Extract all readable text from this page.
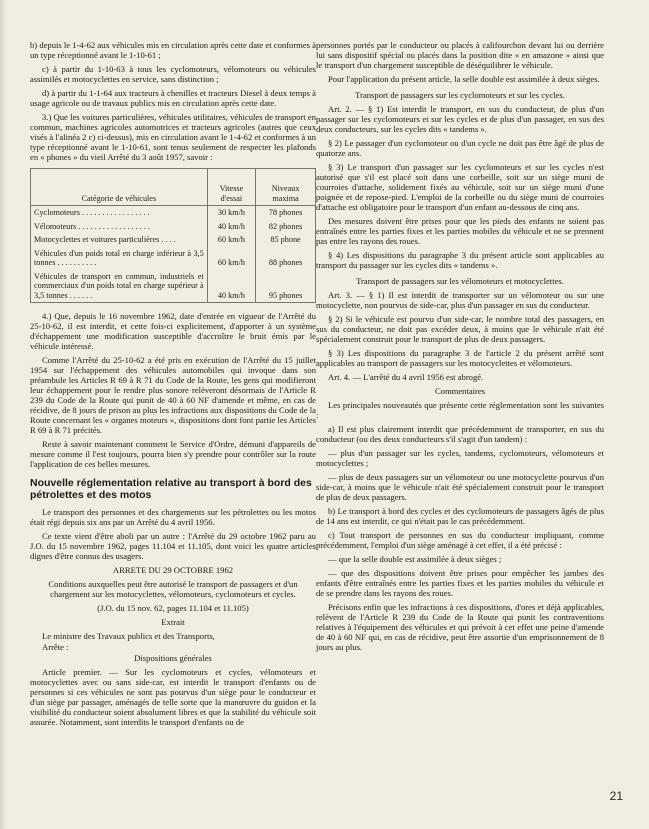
b) depuis le 1-4-62 aux véhicules mis en circulation après cette date et conformes à un type réceptionné avant le 1-10-61 ;

c) à partir du 1-10-63 à tous les cyclomoteurs, vélomoteurs ou véhicules assimilés et motocyclettes en service, sans distinction ;

d) à partir du 1-1-64 aux tracteurs à chenilles et tracteurs Diesel à deux temps à usage agricole ou de travaux publics mis en circulation après cette date.

3.) Que les voitures particulières, véhicules utilitaires, véhicules de transport en commun, machines agricoles automotrices et tracteurs agricoles (autres que ceux visés à l'alinéa 2 c) ci-dessus), mis en circulation avant le 1-4-62 et conformes à un type réceptionné avant le 1-10-61, sont tenus seulement de respecter les plafonds en « phones » du vieil Arrêté du 3 août 1957, savoir :

Catégorie de véhicules	Vitesse d'essai	Niveaux maxima
Cyclomoteurs . . . . . . . . . . . . . . . . .	30 km/h	78 phones
Vélomoteurs . . . . . . . . . . . . . . . . . .	40 km/h	82 phones
Motocyclettes et voitures particulières . . . .	60 km/h	85 phone
Véhicules d'un poids total en charge inférieur à 3,5 tonnes . . . . . . . . . .	60 km/h	88 phones
Véhicules de transport en commun, industriels et commerciaux d'un poids total en charge supérieur à 3,5 tonnes . . . . . .	40 km/h	95 phones

4.) Que, depuis le 16 novembre 1962, date d'entrée en vigueur de l'Arrêté du 25-10-62, il est interdit, et cette fois-ci explicitement, d'apporter à un système d'échappement une modification susceptible d'accroître le bruit émis par le véhicule intéressé.

Comme l'Arrêté du 25-10-62 a été pris en exécution de l'Arrêté du 15 juillet 1954 sur l'échappement des véhicules automobiles qui invoque dans son préambule les Articles R 69 à R 71 du Code de la Route, les gens qui modifieront leur échappement pour le rendre plus sonore relèveront désormais de l'Article R 239 du Code de la Route qui punit de 40 à 60 NF d'amende et même, en cas de récidive, de 8 jours de prison au plus les infractions aux dispositions du Code de la Route concernant les « organes moteurs », dispositions dont font partie les Articles R 69 à R 71 précités.

Reste à savoir maintenant comment le Service d'Ordre, démuni d'appareils de mesure comme il l'est toujours, pourra bien s'y prendre pour contrôler sur la route l'application de ces belles mesures.

Nouvelle réglementation relative au transport à bord des pétrolettes et des motos

Le transport des personnes et des chargements sur les pétrolettes ou les motos était régi depuis six ans par un Arrêté du 4 avril 1956.

Ce texte vient d'être aboli par un autre : l'Arrêté du 29 octobre 1962 paru au J.O. du 15 novembre 1962, pages 11.104 et 11.105, dont voici les quatre articles dignes d'être connus des usagers.

ARRETE DU 29 OCTOBRE 1962

Conditions auxquelles peut être autorisé le transport de passagers et d'un chargement sur les motocyclettes, vélomoteurs, cyclomoteurs et cycles.

(J.O. du 15 nov. 62, pages 11.104 et 11.105)

Extrait

Le ministre des Travaux publics et des Transports,

Arrête :

Dispositions générales

Article premier. — Sur les cyclomoteurs et cycles, vélomoteurs et motocyclettes avec ou sans side-car, est interdit le transport d'enfants ou de personnes si ces véhicules ne sont pas pourvus d'un siège pour le conducteur et d'un siège par passager, aménagés de telle sorte que la manœuvre du guidon et la visibilité du conducteur soient absolument libres et que la stabilité du véhicule soit assurée. Notamment, sont interdits le transport d'enfants ou de

personnes portés par le conducteur ou placés à califourchon devant lui ou derrière lui sans dispositif spécial ou placés dans la position dite « en amazone » ainsi que le transport d'un chargement susceptible de déséquilibrer le véhicule.

Pour l'application du présent article, la selle double est assimilée à deux sièges.

Transport de passagers sur les cyclomoteurs et sur les cycles.

Art. 2. — § 1) Est interdit le transport, en sus du conducteur, de plus d'un passager sur les cyclomoteurs et sur les cycles et de plus d'un passager, en sus des deux conducteurs, sur les cycles dits « tandems ».

§ 2) Le passager d'un cyclomoteur ou d'un cycle ne doit pas être âgé de plus de quatorze ans.

§ 3) Le transport d'un passager sur les cyclomoteurs et sur les cycles n'est autorisé que s'il est placé soit dans une corbeille, soit sur un siège muni de courroies d'attache, solidement fixés au véhicule, soit sur un siège muni d'une poignée et de repose-pied. L'emploi de la corbeille ou du siège muni de courroies d'attache est obligatoire pour le transport d'un enfant au-dessous de cinq ans.

Des mesures doivent être prises pour que les pieds des enfants ne soient pas entraînés entre les parties fixes et les parties mobiles du véhicule et ne se prennent pas entre les rayons des roues.

§ 4) Les dispositions du paragraphe 3 du présent article sont applicables au transport du passager sur les cycles dits « tandems ».

Transport de passagers sur les vélomoteurs et motocyclettes.

Art. 3. — § 1) Il est interdit de transporter sur un vélomoteur ou sur une motocyclette, non pourvus de side-car, plus d'un passager en sus du conducteur.

§ 2) Si le véhicule est pourvu d'un side-car, le nombre total des passagers, en sus du conducteur, ne doit pas excéder deux, à moins que le véhicule n'ait été spécialement construit pour le transport de plus de deux passagers.

§ 3) Les dispositions du paragraphe 3 de l'article 2 du présent arrêté sont applicables au transport de passagers sur les motocyclettes et vélomoteurs.

Art. 4. — L'arrêté du 4 avril 1956 est abrogé.

Commentaires

Les principales nouveautés que présente cette réglementation sont les suivantes :

a) Il est plus clairement interdit que précédemment de transporter, en sus du conducteur (ou des deux conducteurs s'il s'agit d'un tandem) :

— plus d'un passager sur les cycles, tandems, cyclomoteurs, vélomoteurs et motocyclettes ;

— plus de deux passagers sur un vélomoteur ou une motocyclette pourvus d'un side-car, à moins que le véhicule n'ait été spécialement construit pour le transport de plus de deux passagers.

b) Le transport à bord des cycles et des cyclomoteurs de passagers âgés de plus de 14 ans est interdit, ce qui n'était pas le cas précédemment.

c) Tout transport de personnes en sus du conducteur impliquant, comme précédemment, l'emploi d'un siège aménagé à cet effet, il a été précisé :

— que la selle double est assimilée à deux sièges ;

— que des dispositions doivent être prises pour empêcher les jambes des enfants d'être entraînés entre les parties fixes et les parties mobiles du véhicule et de se prendre dans les rayons des roues.

Précisons enfin que les infractions à ces dispositions, d'ores et déjà applicables, relèvent de l'Article R 239 du Code de la Route qui punit les contraventions relatives à l'équipement des véhicules et qui prévoit à cet effet une peine d'amende de 40 à 60 NF qui, en cas de récidive, peut être assortie d'un emprisonnement de 8 jours au plus.

21
